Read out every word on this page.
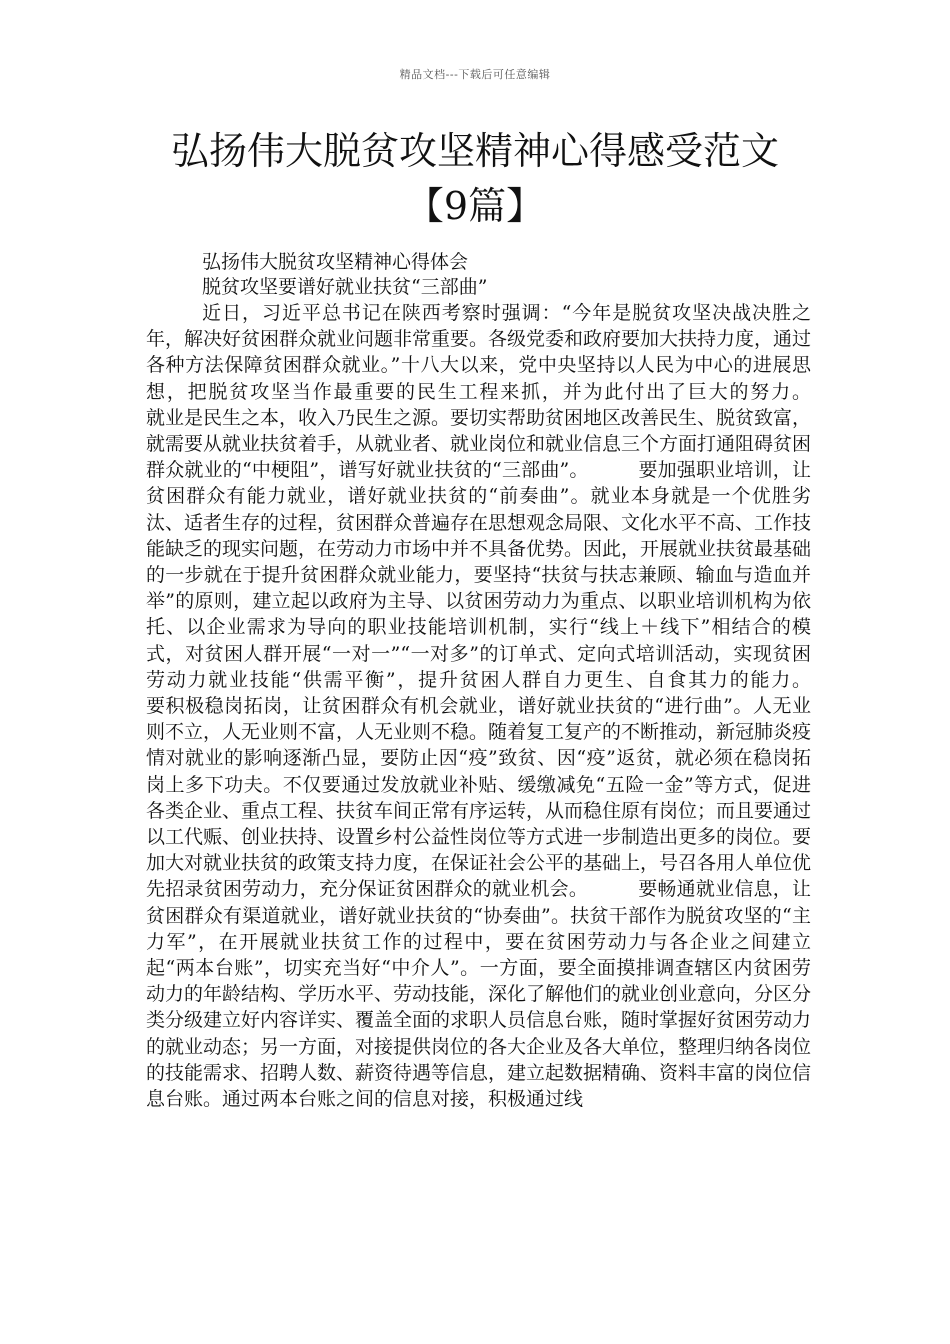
精品文档---下载后可任意编辑
弘扬伟大脱贫攻坚精神心得感受范文【9篇】

弘扬伟大脱贫攻坚精神心得体会

脱贫攻坚要谱好就业扶贫“三部曲”

近日，习近平总书记在陕西考察时强调：“今年是脱贫攻坚决战决胜之年，解决好贫困群众就业问题非常重要。各级党委和政府要加大扶持力度，通过各种方法保障贫困群众就业。”十八大以来，党中央坚持以人民为中心的进展思想，把脱贫攻坚当作最重要的民生工程来抓，并为此付出了巨大的努力。        就业是民生之本，收入乃民生之源。要切实帮助贫困地区改善民生、脱贫致富，就需要从就业扶贫着手，从就业者、就业岗位和就业信息三个方面打通阻碍贫困群众就业的“中梗阻”，谱写好就业扶贫的“三部曲”。        要加强职业培训，让贫困群众有能力就业，谱好就业扶贫的“前奏曲”。就业本身就是一个优胜劣汰、适者生存的过程，贫困群众普遍存在思想观念局限、文化水平不高、工作技能缺乏的现实问题，在劳动力市场中并不具备优势。因此，开展就业扶贫最基础的一步就在于提升贫困群众就业能力，要坚持“扶贫与扶志兼顾、输血与造血并举”的原则，建立起以政府为主导、以贫困劳动力为重点、以职业培训机构为依托、以企业需求为导向的职业技能培训机制，实行“线上＋线下”相结合的模式，对贫困人群开展“一对一”“一对多”的订单式、定向式培训活动，实现贫困劳动力就业技能“供需平衡”，提升贫困人群自力更生、自食其力的能力。        要积极稳岗拓岗，让贫困群众有机会就业，谱好就业扶贫的“进行曲”。人无业则不立，人无业则不富，人无业则不稳。随着复工复产的不断推动，新冠肺炎疫情对就业的影响逐渐凸显，要防止因“疫”致贫、因“疫”返贫，就必须在稳岗拓岗上多下功夫。不仅要通过发放就业补贴、缓缴减免“五险一金”等方式，促进各类企业、重点工程、扶贫车间正常有序运转，从而稳住原有岗位；而且要通过以工代赈、创业扶持、设置乡村公益性岗位等方式进一步制造出更多的岗位。要加大对就业扶贫的政策支持力度，在保证社会公平的基础上，号召各用人单位优先招录贫困劳动力，充分保证贫困群众的就业机会。        要畅通就业信息，让贫困群众有渠道就业，谱好就业扶贫的“协奏曲”。扶贫干部作为脱贫攻坚的“主力军”，在开展就业扶贫工作的过程中，要在贫困劳动力与各企业之间建立起“两本台账”，切实充当好“中介人”。一方面，要全面摸排调查辖区内贫困劳动力的年龄结构、学历水平、劳动技能，深化了解他们的就业创业意向，分区分类分级建立好内容详实、覆盖全面的求职人员信息台账，随时掌握好贫困劳动力的就业动态；另一方面，对接提供岗位的各大企业及各大单位，整理归纳各岗位的技能需求、招聘人数、薪资待遇等信息，建立起数据精确、资料丰富的岗位信息台账。通过两本台账之间的信息对接，积极通过线
